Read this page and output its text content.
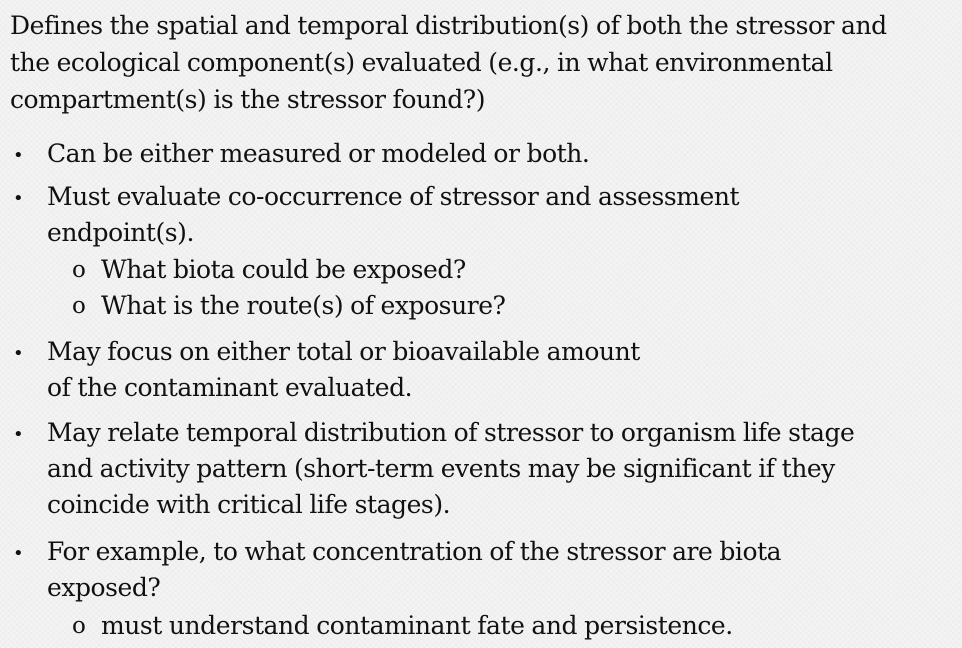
Defines the spatial and temporal distribution(s) of both the stressor and
the ecological component(s) evaluated (e.g., in what environmental
compartment(s) is the stressor found?)
• Can be either measured or modeled or both.
• Must evaluate co-occurrence of stressor and assessment
endpoint(s).
o What biota could be exposed?
o What is the route(s) of exposure?
• May focus on either total or bioavailable amount
of the contaminant evaluated.
• May relate temporal distribution of stressor to organism life stage
and activity pattern (short-term events may be significant if they
coincide with critical life stages).
• For example, to what concentration of the stressor are biota
exposed?
o must understand contaminant fate and persistence.
